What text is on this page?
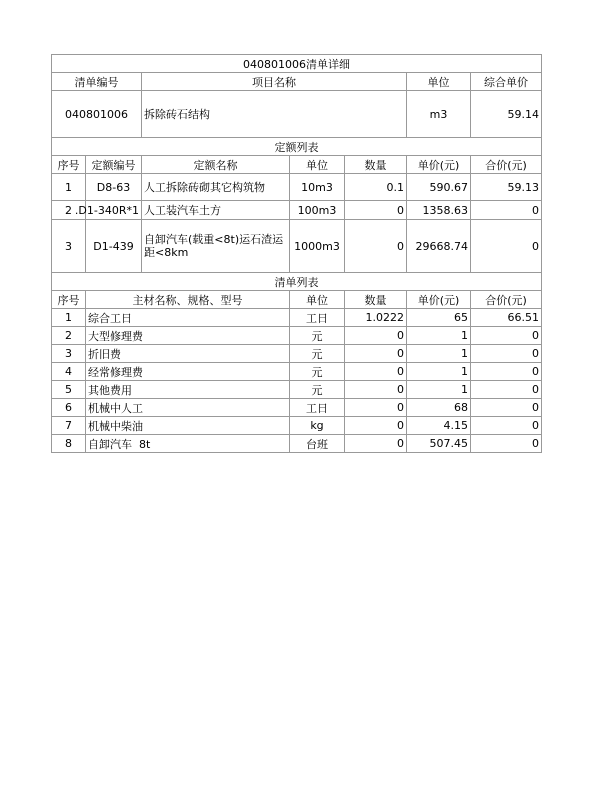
040801006清单详细						
清单编号		项目名称			单位	综合单价
040801006		拆除砖石结构			m3	59.14
定额列表						
序号	定额编号	定额名称	单位	数量	单价(元)	合价(元)
1	D8-63	人工拆除砖砌其它构筑物	10m3	0.1	590.67	59.13
2	D1-340R*1.	人工装汽车土方	100m3	0	1358.63	0
3	D1-439	自卸汽车(载重<8t)运石渣运距<8km	1000m3	0	29668.74	0
清单列表						
序号	主材名称、规格、型号		单位	数量	单价(元)	合价(元)
1	综合工日		工日	1.0222	65	66.51
2	大型修理费		元	0	1	0
3	折旧费		元	0	1	0
4	经常修理费		元	0	1	0
5	其他费用		元	0	1	0
6	机械中人工		工日	0	68	0
7	机械中柴油		kg	0	4.15	0
8	自卸汽车  8t		台班	0	507.45	0
